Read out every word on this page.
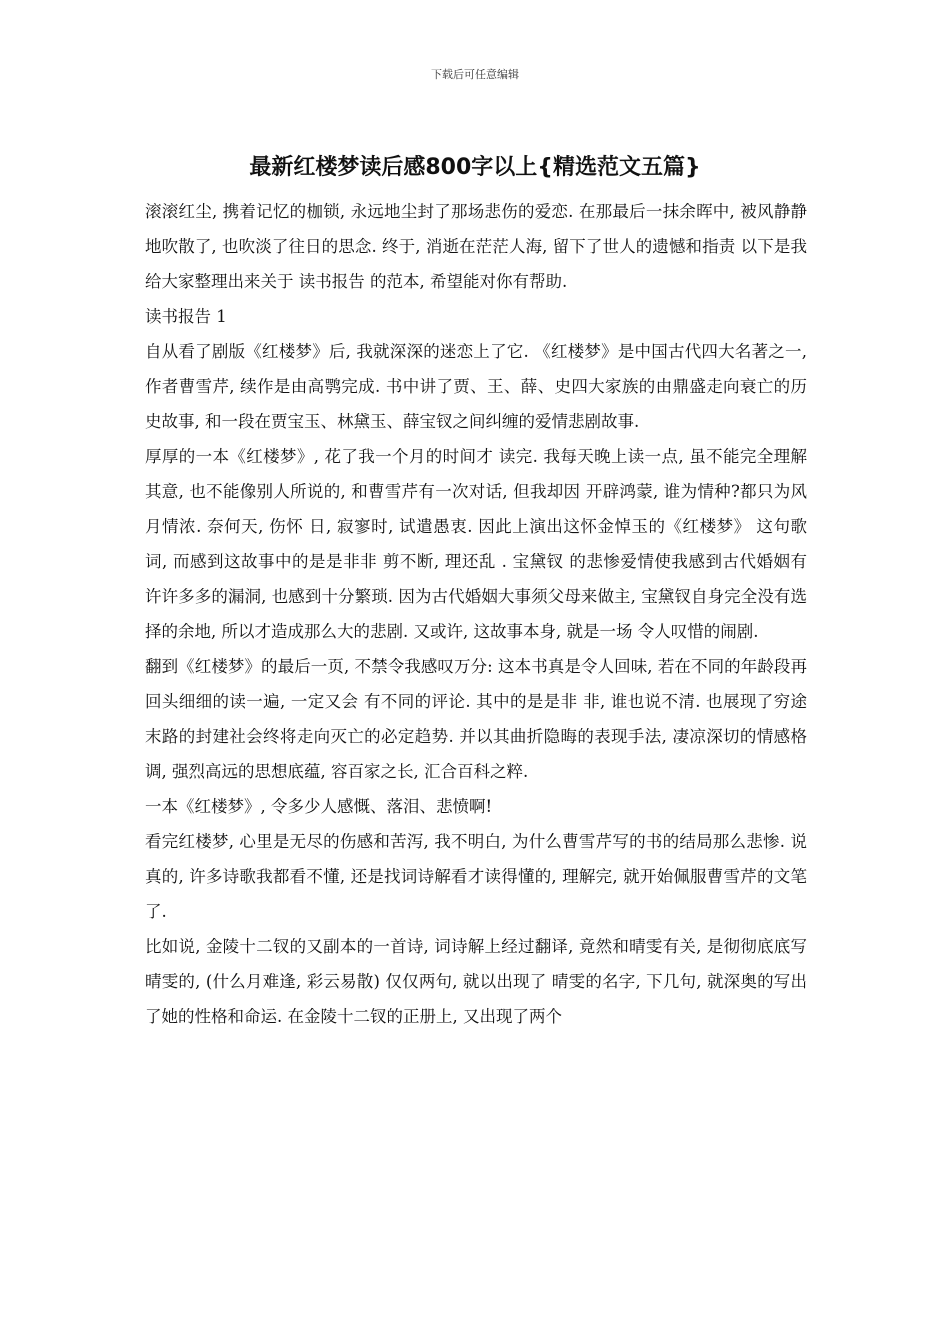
下载后可任意编辑
最新红楼梦读后感800字以上{精选范文五篇}

滚滚红尘, 携着记忆的枷锁, 永远地尘封了那场悲伤的爱恋. 在那最后一抹余晖中, 被风静静地吹散了, 也吹淡了往日的思念. 终于, 消逝在茫茫人海, 留下了世人的遗憾和指责 以下是我给大家整理出来关于 读书报告 的范本, 希望能对你有帮助.

读书报告 1

自从看了剧版《红楼梦》后, 我就深深的迷恋上了它. 《红楼梦》是中国古代四大名著之一, 作者曹雪芹, 续作是由高鹗完成. 书中讲了贾、王、薛、史四大家族的由鼎盛走向衰亡的历史故事, 和一段在贾宝玉、林黛玉、薛宝钗之间纠缠的爱情悲剧故事.

厚厚的一本《红楼梦》, 花了我一个月的时间才 读完. 我每天晚上读一点, 虽不能完全理解其意, 也不能像别人所说的, 和曹雪芹有一次对话, 但我却因 开辟鸿蒙, 谁为情种?都只为风月情浓. 奈何天, 伤怀 日, 寂寥时, 试遣愚衷. 因此上演出这怀金悼玉的《红楼梦》 这句歌词, 而感到这故事中的是是非非 剪不断, 理还乱 . 宝黛钗 的悲惨爱情使我感到古代婚姻有 许许多多的漏洞, 也感到十分繁琐. 因为古代婚姻大事须父母来做主, 宝黛钗自身完全没有选择的余地, 所以才造成那么大的悲剧. 又或许, 这故事本身, 就是一场 令人叹惜的闹剧.

翻到《红楼梦》的最后一页, 不禁令我感叹万分: 这本书真是令人回味, 若在不同的年龄段再回头细细的读一遍, 一定又会 有不同的评论. 其中的是是非 非, 谁也说不清. 也展现了穷途末路的封建社会终将走向灭亡的必定趋势. 并以其曲折隐晦的表现手法, 凄凉深切的情感格调, 强烈高远的思想底蕴, 容百家之长, 汇合百科之粹.

一本《红楼梦》, 令多少人感慨、落泪、悲愤啊!

看完红楼梦, 心里是无尽的伤感和苦泻, 我不明白, 为什么曹雪芹写的书的结局那么悲惨. 说真的, 许多诗歌我都看不懂, 还是找词诗解看才读得懂的, 理解完, 就开始佩服曹雪芹的文笔了.

比如说, 金陵十二钗的又副本的一首诗, 词诗解上经过翻译, 竟然和晴雯有关, 是彻彻底底写晴雯的, (什么月难逢, 彩云易散) 仅仅两句, 就以出现了 晴雯的名字, 下几句, 就深奥的写出了她的性格和命运. 在金陵十二钗的正册上, 又出现了两个
